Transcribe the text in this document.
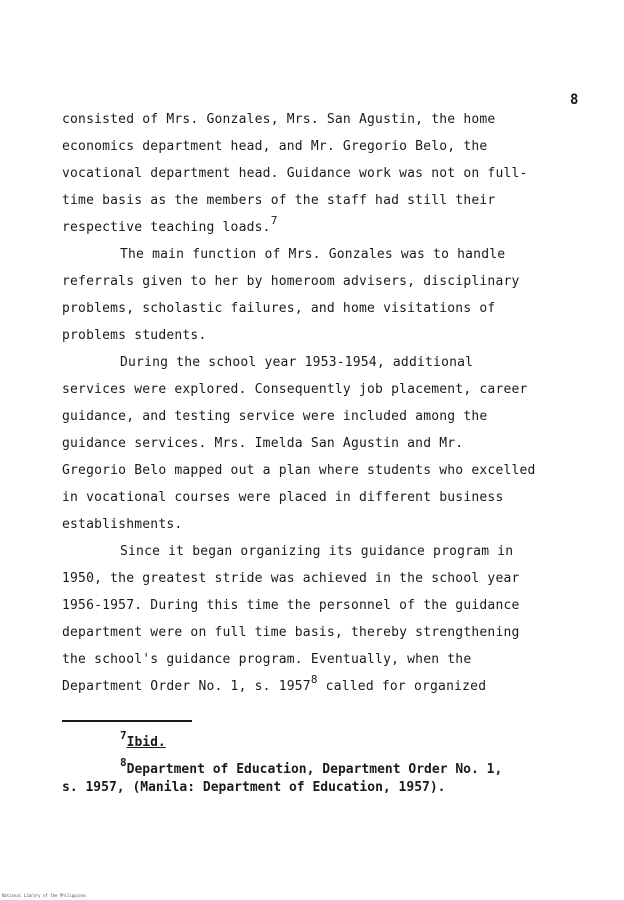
8
consisted of Mrs. Gonzales, Mrs. San Agustin, the home
economics department head, and Mr. Gregorio Belo, the
vocational department head. Guidance work was not on full-
time basis as the members of the staff had still their
respective teaching loads.$^7$
The main function of Mrs. Gonzales was to handle
referrals given to her by homeroom advisers, disciplinary
problems, scholastic failures, and home visitations of
problems students.
During the school year 1953-1954, additional
services were explored. Consequently job placement, career
guidance, and testing service were included among the
guidance services. Mrs. Imelda San Agustin and Mr.
Gregorio Belo mapped out a plan where students who excelled
in vocational courses were placed in different business
establishments.
Since it began organizing its guidance program in
1950, the greatest stride was achieved in the school year
1956-1957. During this time the personnel of the guidance
department were on full time basis, thereby strengthening
the school's guidance program. Eventually, when the
Department Order No. 1, s. 1957$^8$ called for organized
$^7$Ibid.
$^8$Department of Education, Department Order No. 1,
s. 1957, (Manila: Department of Education, 1957).
National Library of the Philippines
